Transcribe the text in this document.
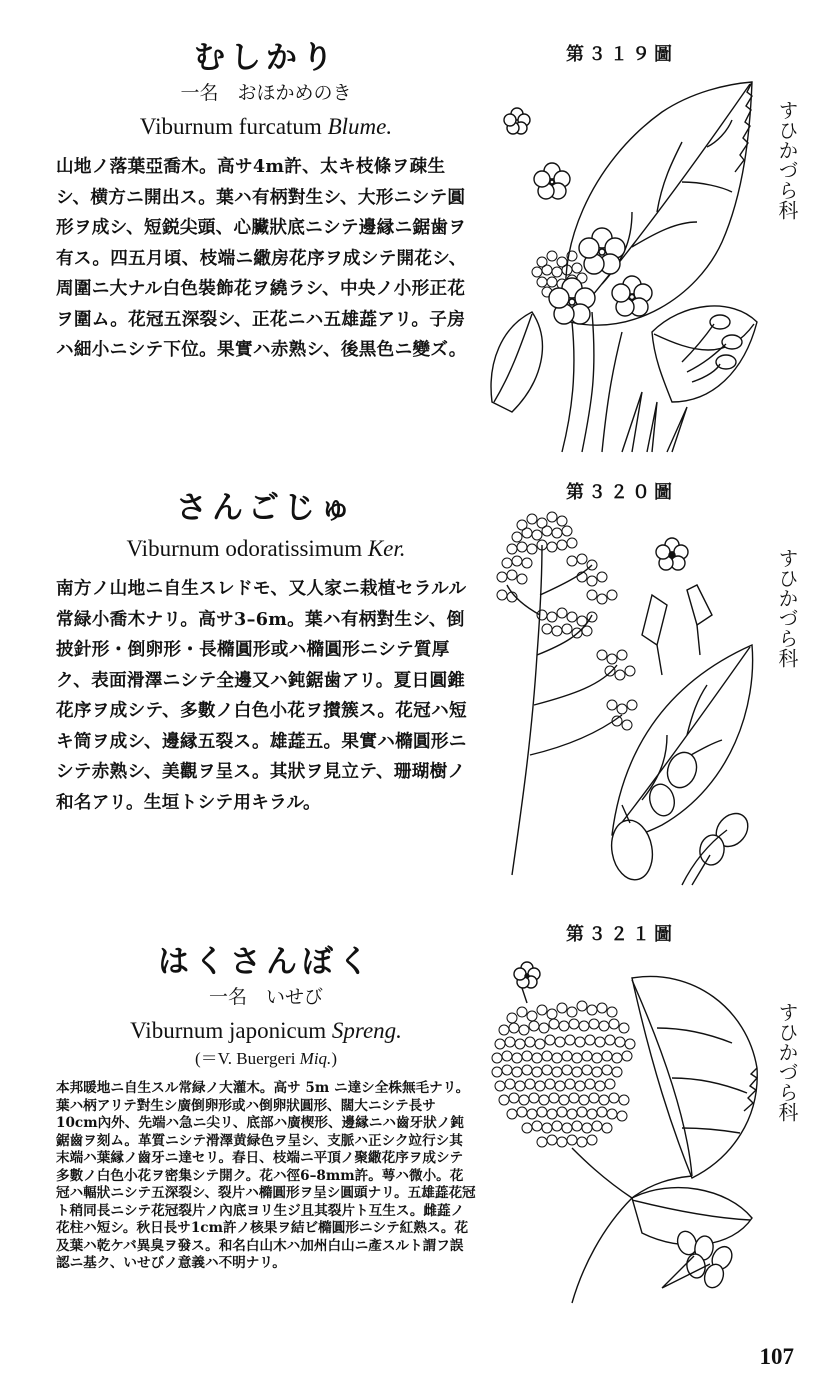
むしかり
一名　おほかめのき
Viburnum furcatum Blume.

山地ノ落葉亞喬木。高サ4m許、太キ枝條ヲ疎生シ、横方ニ開出ス。葉ハ有柄對生シ、大形ニシテ圓形ヲ成シ、短鋭尖頭、心臟狀底ニシテ邊縁ニ鋸歯ヲ有ス。四五月頃、枝端ニ繖房花序ヲ成シテ開花シ、周圍ニ大ナル白色裝飾花ヲ繞ラシ、中央ノ小形正花ヲ圍ム。花冠五深裂シ、正花ニハ五雄蕋アリ。子房ハ細小ニシテ下位。果實ハ赤熟シ、後黒色ニ變ズ。

さんごじゅ
Viburnum odoratissimum Ker.

南方ノ山地ニ自生スレドモ、又人家ニ栽植セラルル常緑小喬木ナリ。高サ3–6m。葉ハ有柄對生シ、倒披針形・倒卵形・長橢圓形或ハ橢圓形ニシテ質厚ク、表面滑澤ニシテ全邊又ハ鈍鋸歯アリ。夏日圓錐花序ヲ成シテ、多數ノ白色小花ヲ攅簇ス。花冠ハ短キ筒ヲ成シ、邊縁五裂ス。雄蕋五。果實ハ橢圓形ニシテ赤熟シ、美觀ヲ呈ス。其狀ヲ見立テ、珊瑚樹ノ和名アリ。生垣トシテ用キラル。

はくさんぼく
一名　いせび
Viburnum japonicum Spreng.
(＝V. Buergeri Miq.)

本邦暖地ニ自生スル常緑ノ大灌木。高サ 5m ニ達シ全株無毛ナリ。葉ハ柄アリテ對生シ廣倒卵形或ハ倒卵狀圓形、闊大ニシテ長サ 10cm內外、先端ハ急ニ尖リ、底部ハ廣楔形、邊縁ニハ齒牙狀ノ鈍鋸齒ヲ刻ム。革質ニシテ滑澤黄緑色ヲ呈シ、支脈ハ正シク竝行シ其末端ハ葉縁ノ齒牙ニ達セリ。春日、枝端ニ平頂ノ聚繖花序ヲ成シテ多數ノ白色小花ヲ密集シテ開ク。花ハ徑6–8mm許。萼ハ微小。花冠ハ輻狀ニシテ五深裂シ、裂片ハ橢圓形ヲ呈シ圓頭ナリ。五雄蕋花冠ト稍同長ニシテ花冠裂片ノ內底ヨリ生ジ且其裂片ト互生ス。雌蕋ノ花柱ハ短シ。秋日長サ1cm許ノ核果ヲ結ビ橢圓形ニシテ紅熟ス。花及葉ハ乾ケバ異臭ヲ發ス。和名白山木ハ加州白山ニ產スルト謂フ誤認ニ基ク、いせびノ意義ハ不明ナリ。

第３１９圖
第３２０圖
第３２１圖
すひかづら科
すひかづら科
すひかづら科
107
